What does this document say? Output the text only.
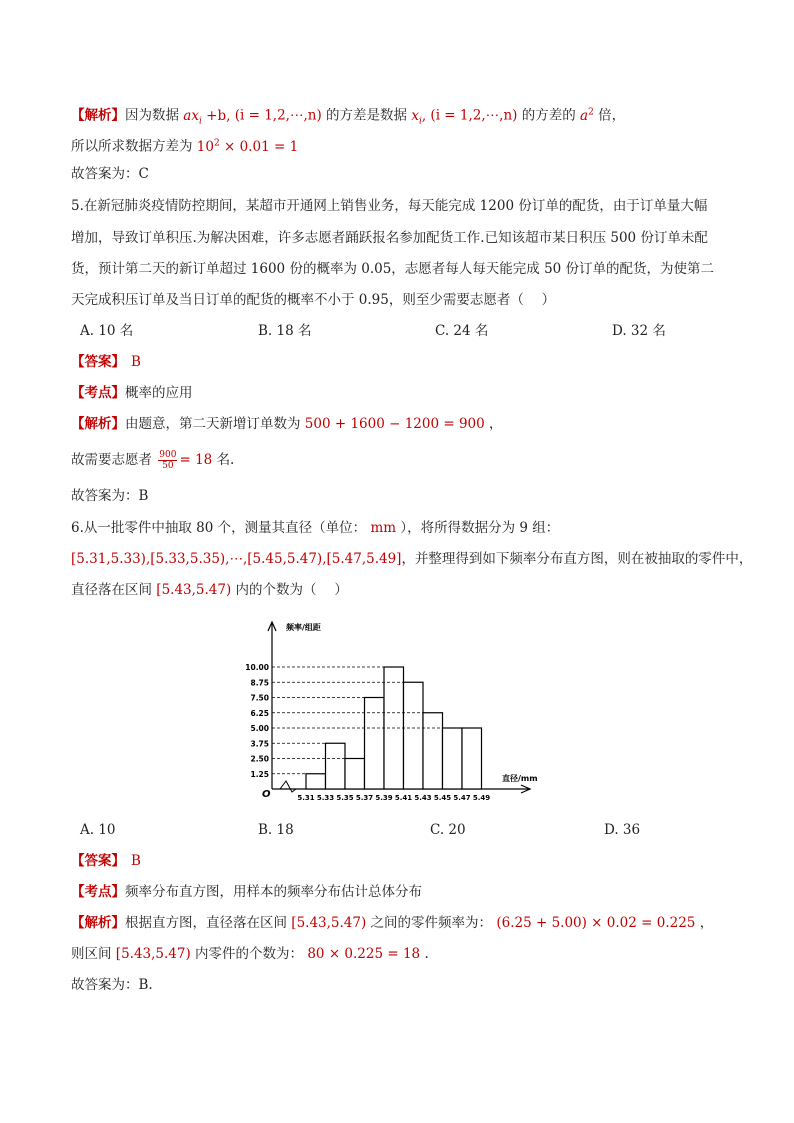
【解析】因为数据 $ax_i +b$, (i = 1,2,⋯,n) 的方差是数据 $x_i$, (i = 1,2,⋯,n) 的方差的 $a^2$ 倍，
所以所求数据方差为 $10^2 \times 0.01 = 1$
故答案为：C
5.在新冠肺炎疫情防控期间，某超市开通网上销售业务，每天能完成 1200 份订单的配货，由于订单量大幅
增加，导致订单积压.为解决困难，许多志愿者踊跃报名参加配货工作.已知该超市某日积压 500 份订单未配
货，预计第二天的新订单超过 1600 份的概率为 0.05，志愿者每人每天能完成 50 份订单的配货，为使第二
天完成积压订单及当日订单的配货的概率不小于 0.95，则至少需要志愿者（　 ）
A. 10 名	B. 18 名	C. 24 名	D. 32 名
【答案】 B
【考点】概率的应用
【解析】由题意，第二天新增订单数为 500 + 1600 − 1200 = 900 ，
故需要志愿者 $\frac{900}{50} = 18$ 名.
故答案为：B
6.从一批零件中抽取 80 个，测量其直径（单位： mm ），将所得数据分为 9 组：
[5.31,5.33),[5.33,5.35),⋯,[5.45,5.47),[5.47,5.49]，并整理得到如下频率分布直方图，则在被抽取的零件中，
直径落在区间 [5.43,5.47) 内的个数为（　 ）
频率/组距
直径/mm
O
1.25
2.50
3.75
5.00
6.25
7.50
8.75
10.00
5.31 5.33 5.35 5.37 5.39 5.41 5.43 5.45 5.47 5.49
A. 10	B. 18	C. 20	D. 36
【答案】 B
【考点】频率分布直方图，用样本的频率分布估计总体分布
【解析】根据直方图，直径落在区间 [5.43,5.47) 之间的零件频率为： (6.25 + 5.00) × 0.02 = 0.225 ，
则区间 [5.43,5.47) 内零件的个数为： 80 × 0.225 = 18 .
故答案为：B.
